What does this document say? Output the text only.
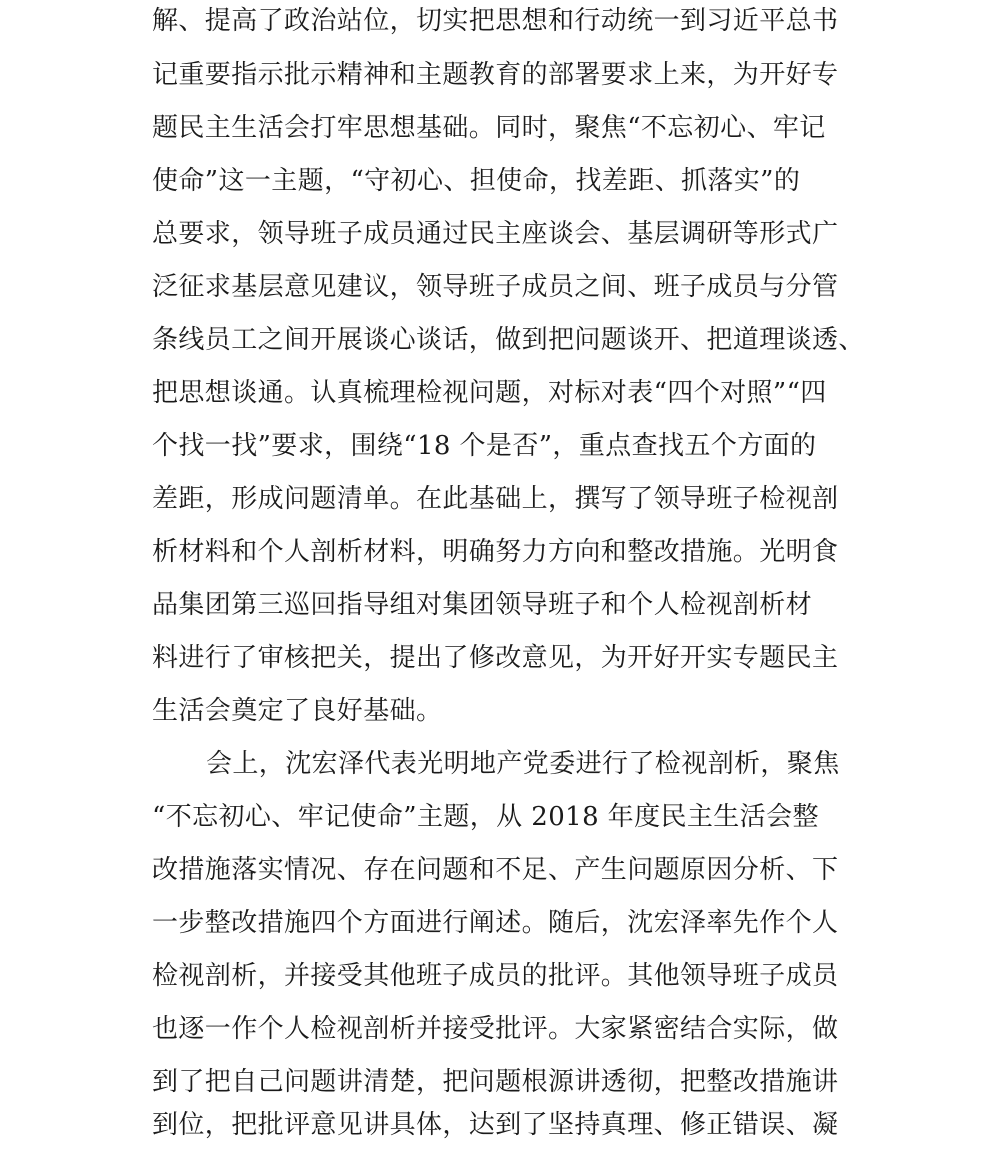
解、提高了政治站位，切实把思想和行动统一到习近平总书
记重要指示批示精神和主题教育的部署要求上来，为开好专
题民主生活会打牢思想基础。同时，聚焦“不忘初心、牢记
使命”这一主题，“守初心、担使命，找差距、抓落实”的
总要求，领导班子成员通过民主座谈会、基层调研等形式广
泛征求基层意见建议，领导班子成员之间、班子成员与分管
条线员工之间开展谈心谈话，做到把问题谈开、把道理谈透、
把思想谈通。认真梳理检视问题，对标对表“四个对照”“四
个找一找”要求，围绕“18 个是否”，重点查找五个方面的
差距，形成问题清单。在此基础上，撰写了领导班子检视剖
析材料和个人剖析材料，明确努力方向和整改措施。光明食
品集团第三巡回指导组对集团领导班子和个人检视剖析材
料进行了审核把关，提出了修改意见，为开好开实专题民主
生活会奠定了良好基础。
会上，沈宏泽代表光明地产党委进行了检视剖析，聚焦
“不忘初心、牢记使命”主题，从 2018 年度民主生活会整
改措施落实情况、存在问题和不足、产生问题原因分析、下
一步整改措施四个方面进行阐述。随后，沈宏泽率先作个人
检视剖析，并接受其他班子成员的批评。其他领导班子成员
也逐一作个人检视剖析并接受批评。大家紧密结合实际，做
到了把自己问题讲清楚，把问题根源讲透彻，把整改措施讲
到位，把批评意见讲具体，达到了坚持真理、修正错误、凝
